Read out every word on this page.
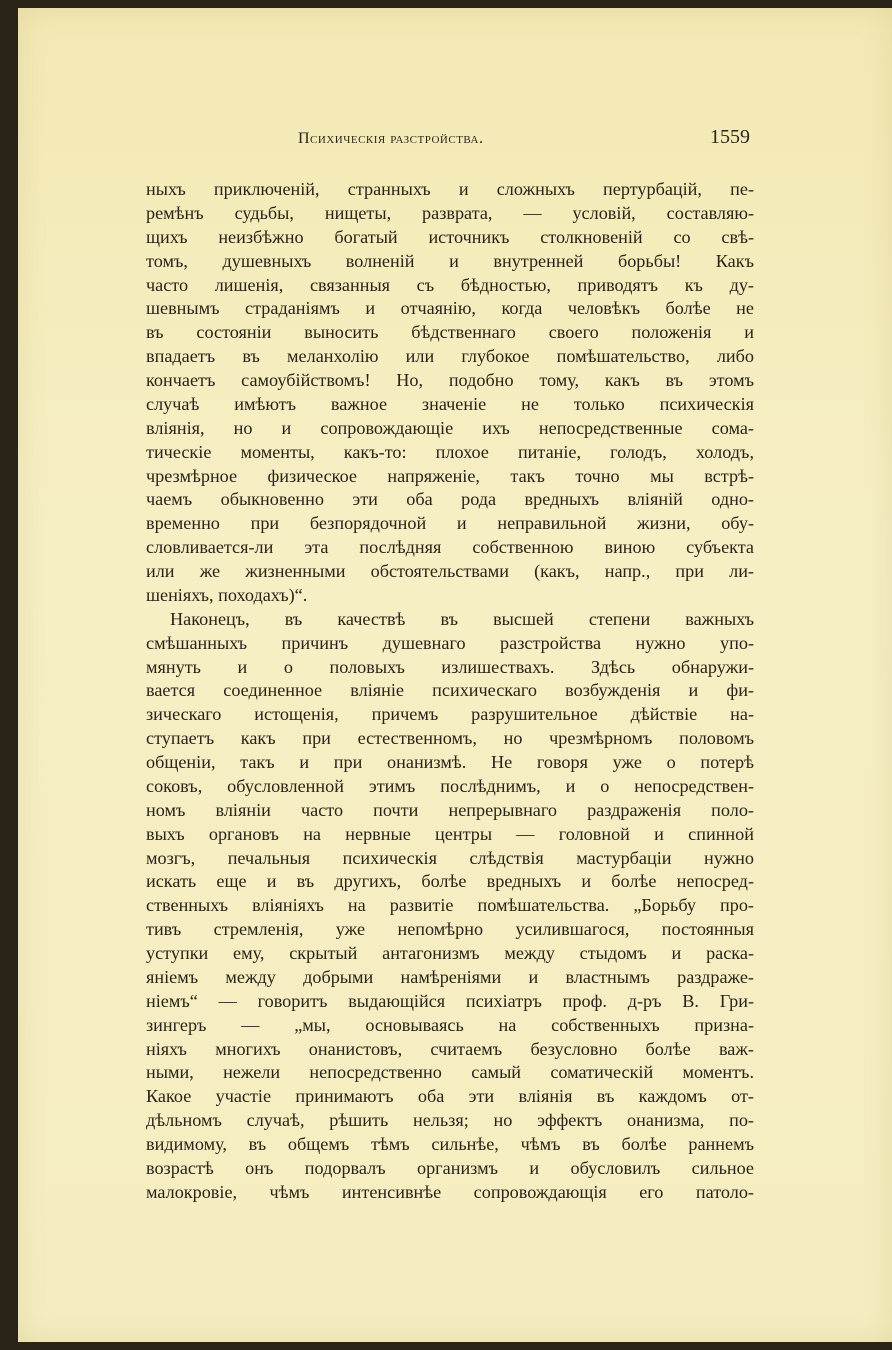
Психическія разстройства.	1559
ныхъ приключеній, странныхъ и сложныхъ пертурбацій, пе-
ремѣнъ судьбы, нищеты, разврата, — условій, составляю-
щихъ неизбѣжно богатый источникъ столкновеній со свѣ-
томъ, душевныхъ волненій и внутренней борьбы! Какъ
часто лишенія, связанныя съ бѣдностью, приводятъ къ ду-
шевнымъ страданіямъ и отчаянію, когда человѣкъ болѣе не
въ состояніи выносить бѣдственнаго своего положенія и
впадаетъ въ меланхолію или глубокое помѣшательство, либо
кончаетъ самоубійствомъ! Но, подобно тому, какъ въ этомъ
случаѣ имѣютъ важное значеніе не только психическія
вліянія, но и сопровождающіе ихъ непосредственные сома-
тическіе моменты, какъ-то: плохое питаніе, голодъ, холодъ,
чрезмѣрное физическое напряженіе, такъ точно мы встрѣ-
чаемъ обыкновенно эти оба рода вредныхъ вліяній одно-
временно при безпорядочной и неправильной жизни, обу-
словливается-ли эта послѣдняя собственною виною субъекта
или же жизненными обстоятельствами (какъ, напр., при ли-
шеніяхъ, походахъ)“.
Наконецъ, въ качествѣ въ высшей степени важныхъ
смѣшанныхъ причинъ душевнаго разстройства нужно упо-
мянуть и о половыхъ излишествахъ. Здѣсь обнаружи-
вается соединенное вліяніе психическаго возбужденія и фи-
зическаго истощенія, причемъ разрушительное дѣйствіе на-
ступаетъ какъ при естественномъ, но чрезмѣрномъ половомъ
общеніи, такъ и при онанизмѣ. Не говоря уже о потерѣ
соковъ, обусловленной этимъ послѣднимъ, и о непосредствен-
номъ вліяніи часто почти непрерывнаго раздраженія поло-
выхъ органовъ на нервные центры — головной и спинной
мозгъ, печальныя психическія слѣдствія мастурбаціи нужно
искать еще и въ другихъ, болѣе вредныхъ и болѣе непосред-
ственныхъ вліяніяхъ на развитіе помѣшательства. „Борьбу про-
тивъ стремленія, уже непомѣрно усилившагося, постоянныя
уступки ему, скрытый антагонизмъ между стыдомъ и раска-
яніемъ между добрыми намѣреніями и властнымъ раздраже-
ніемъ“ — говоритъ выдающійся психіатръ проф. д-ръ В. Гри-
зингеръ — „мы, основываясь на собственныхъ призна-
ніяхъ многихъ онанистовъ, считаемъ безусловно болѣе важ-
ными, нежели непосредственно самый соматическій моментъ.
Какое участіе принимаютъ оба эти вліянія въ каждомъ от-
дѣльномъ случаѣ, рѣшить нельзя; но эффектъ онанизма, по-
видимому, въ общемъ тѣмъ сильнѣе, чѣмъ въ болѣе раннемъ
возрастѣ онъ подорвалъ организмъ и обусловилъ сильное
малокровіе, чѣмъ интенсивнѣе сопровождающія его патоло-
